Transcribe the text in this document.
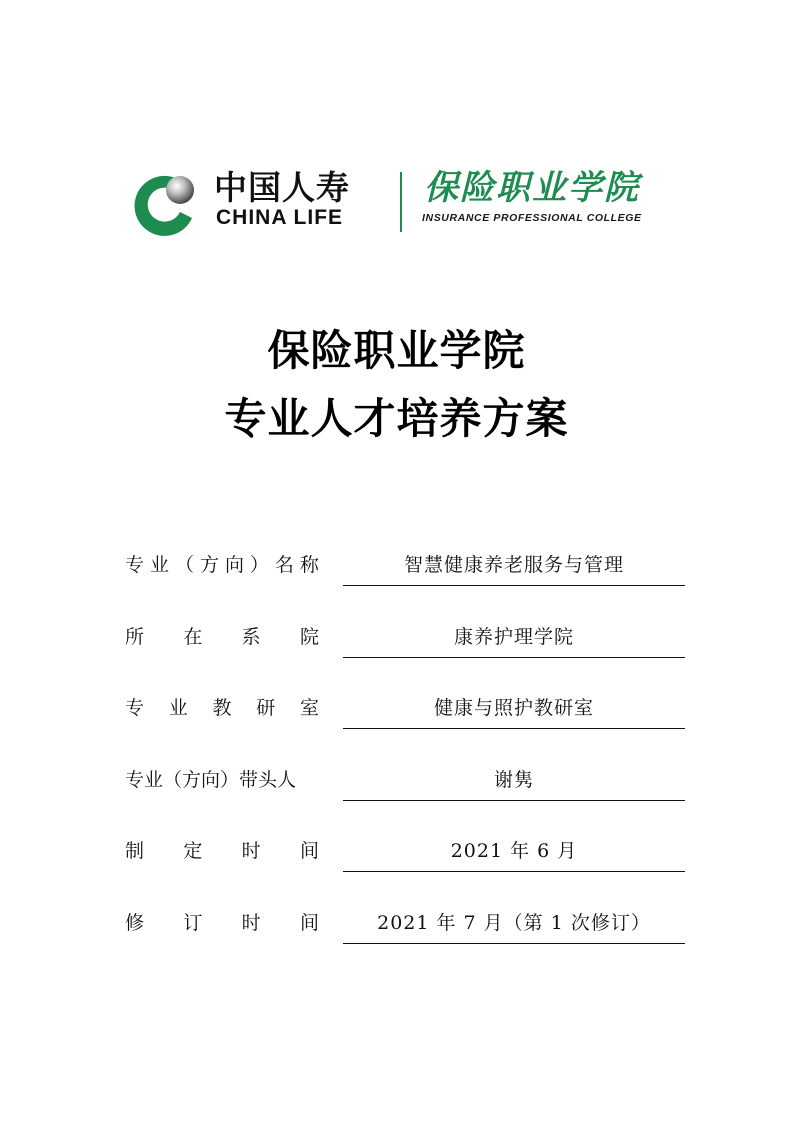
中国人寿
CHINA LIFE
保险职业学院
INSURANCE PROFESSIONAL COLLEGE
保险职业学院
专业人才培养方案
专 业 （ 方 向 ） 名 称	智慧健康养老服务与管理
所 在 系 院	康养护理学院
专 业 教 研 室	健康与照护教研室
专业（方向）带头人	谢隽
制 定 时 间	2021 年 6 月
修 订 时 间	2021 年 7 月（第 1 次修订）
